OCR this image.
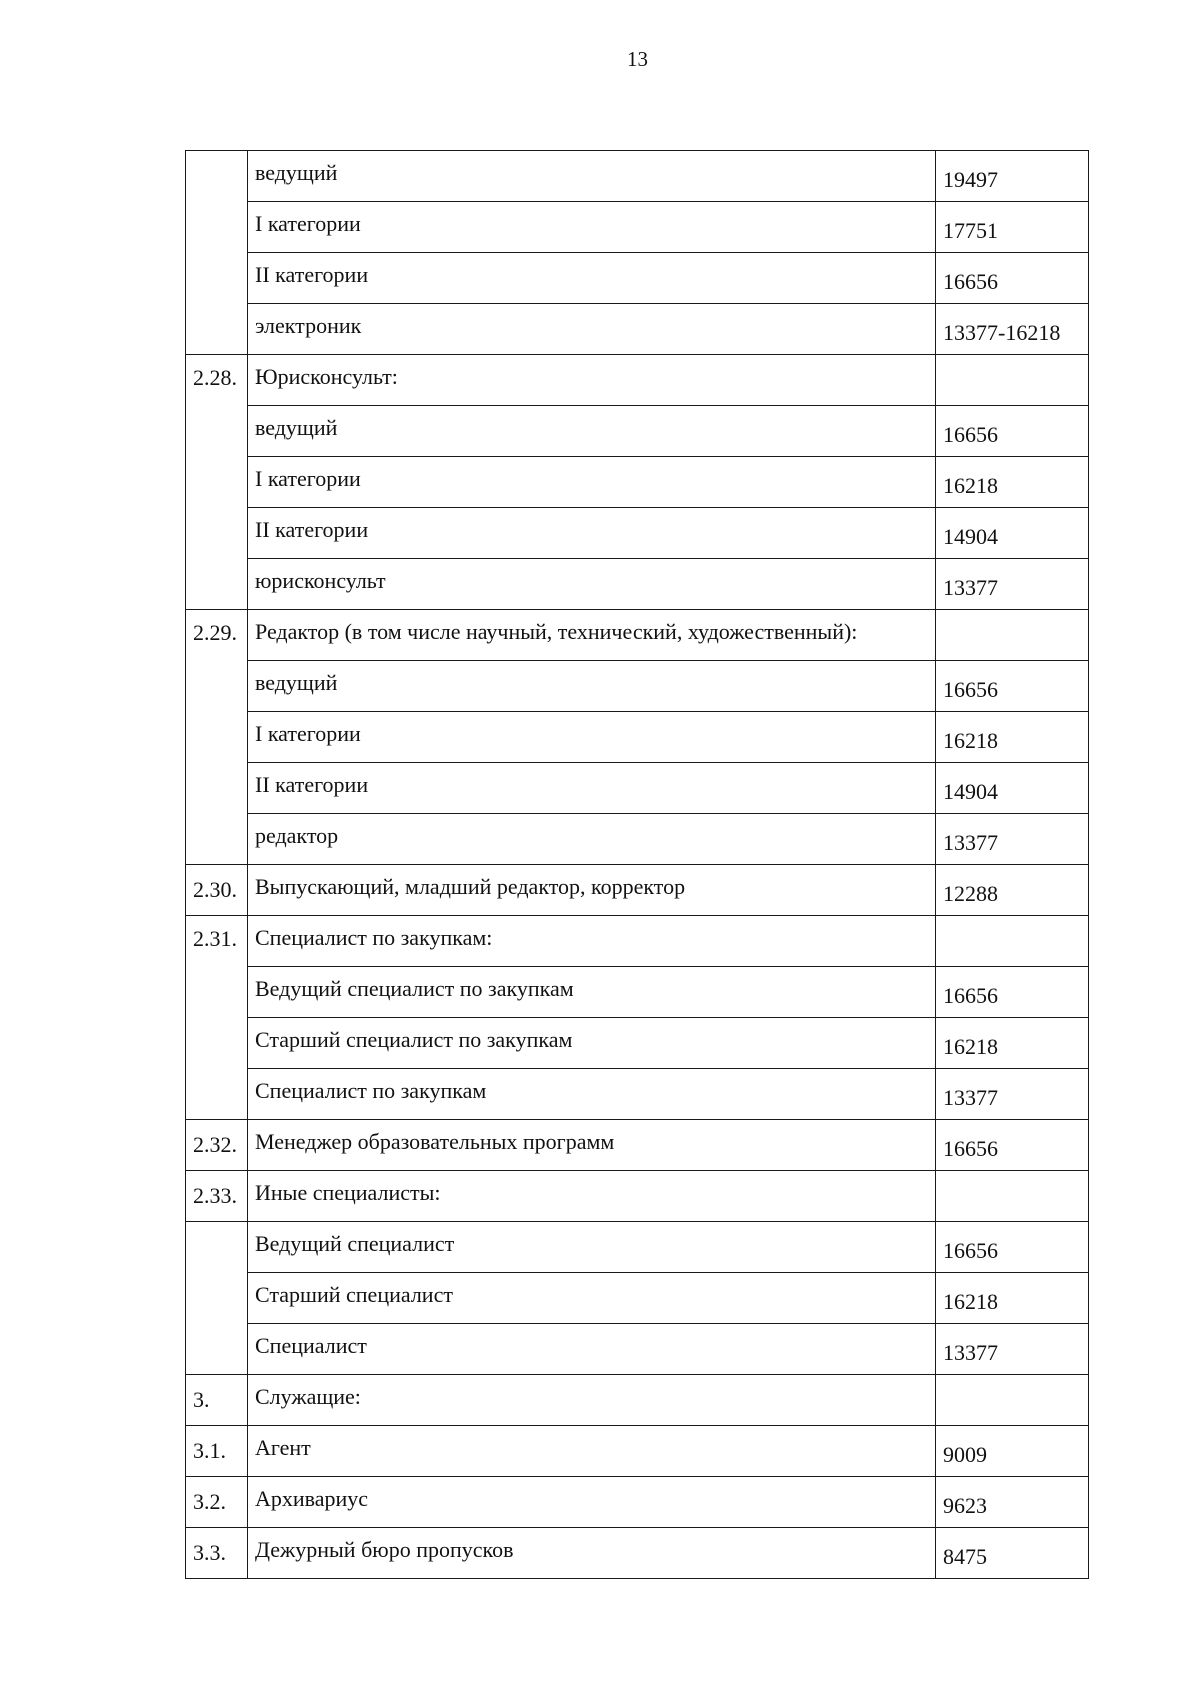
13
	ведущий	19497
	I категории	17751
	II категории	16656
	электроник	13377-16218
2.28.	Юрисконсульт:	
	ведущий	16656
	I категории	16218
	II категории	14904
	юрисконсульт	13377
2.29.	Редактор (в том числе научный, технический, художественный):	
	ведущий	16656
	I категории	16218
	II категории	14904
	редактор	13377
2.30.	Выпускающий, младший редактор, корректор	12288
2.31.	Специалист по закупкам:	
	Ведущий специалист по закупкам	16656
	Старший специалист по закупкам	16218
	Специалист по закупкам	13377
2.32.	Менеджер образовательных программ	16656
2.33.	Иные специалисты:	
	Ведущий специалист	16656
	Старший специалист	16218
	Специалист	13377
3.	Служащие:	
3.1.	Агент	9009
3.2.	Архивариус	9623
3.3.	Дежурный бюро пропусков	8475
